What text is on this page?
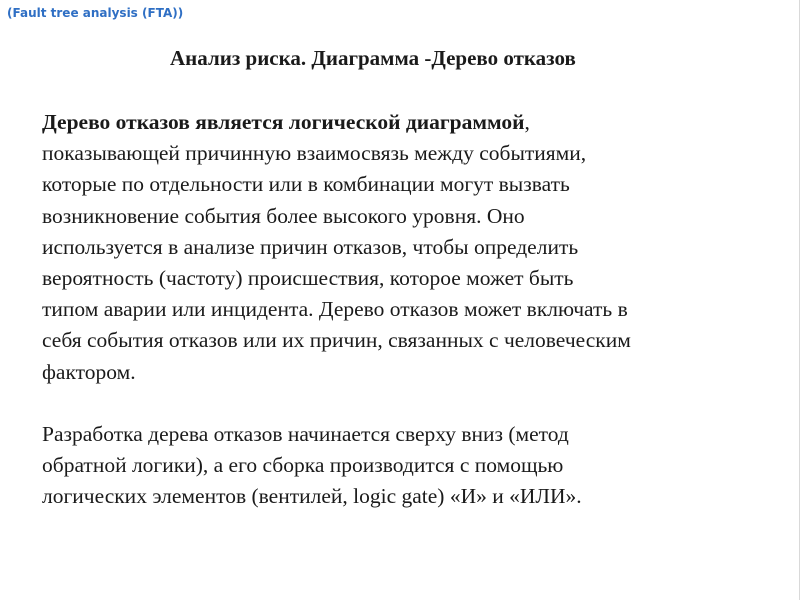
(Fault tree analysis (FTA))
Анализ риска. Диаграмма -Дерево отказов
Дерево отказов является логической диаграммой,
показывающей причинную взаимосвязь между событиями,
которые по отдельности или в комбинации могут вызвать
возникновение события более высокого уровня. Оно
используется в анализе причин отказов, чтобы определить
вероятность (частоту) происшествия, которое может быть
типом аварии или инцидента. Дерево отказов может включать в
себя события отказов или их причин, связанных с человеческим
фактором.
Разработка дерева отказов начинается сверху вниз (метод
обратной логики), а его сборка производится с помощью
логических элементов (вентилей, logic gate) «И» и «ИЛИ».
